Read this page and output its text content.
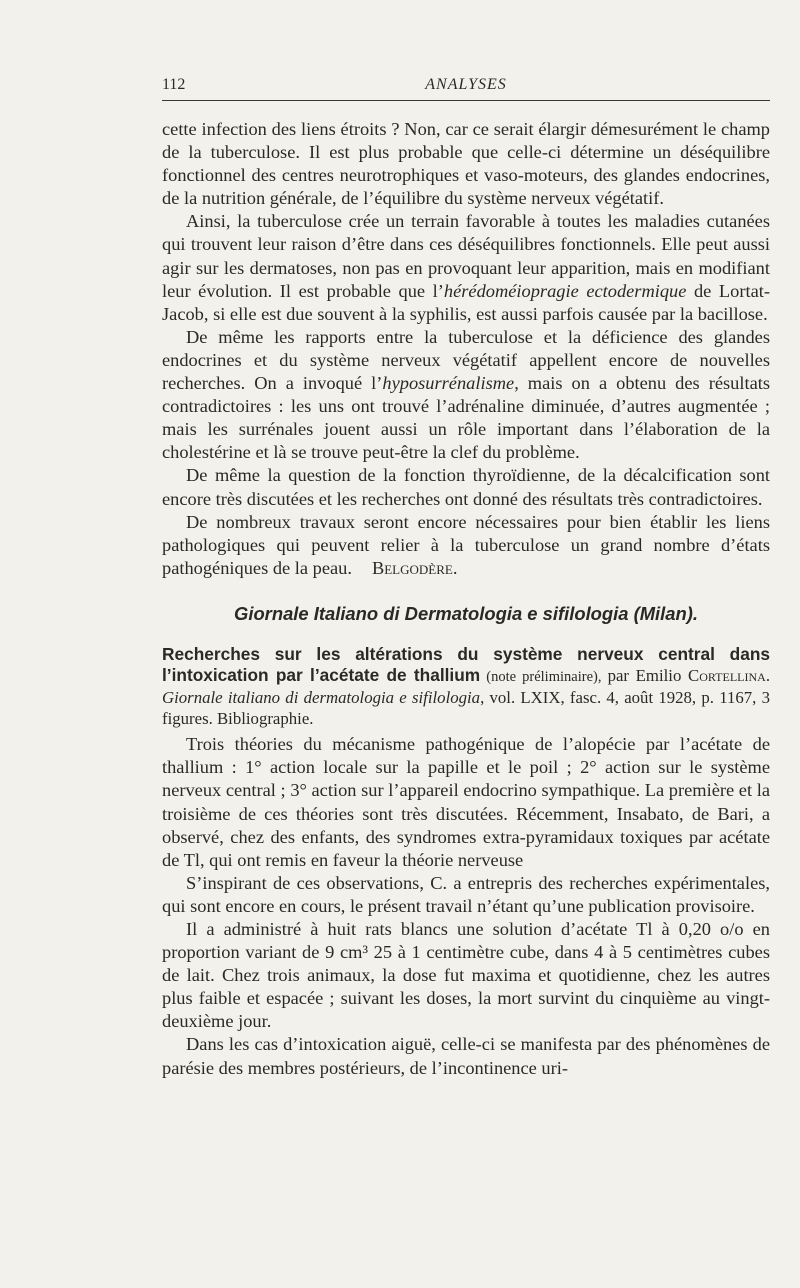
112	ANALYSES

cette infection des liens étroits ? Non, car ce serait élargir démesurément le champ de la tuberculose. Il est plus probable que celle-ci détermine un déséquilibre fonctionnel des centres neurotrophiques et vaso-moteurs, des glandes endocrines, de la nutrition générale, de l’équilibre du système nerveux végétatif.

Ainsi, la tuberculose crée un terrain favorable à toutes les maladies cutanées qui trouvent leur raison d’être dans ces déséquilibres fonctionnels. Elle peut aussi agir sur les dermatoses, non pas en provoquant leur apparition, mais en modifiant leur évolution. Il est probable que l’hérédoméiopragie ectodermique de Lortat-Jacob, si elle est due souvent à la syphilis, est aussi parfois causée par la bacillose.

De même les rapports entre la tuberculose et la déficience des glandes endocrines et du système nerveux végétatif appellent encore de nouvelles recherches. On a invoqué l’hyposurrénalisme, mais on a obtenu des résultats contradictoires : les uns ont trouvé l’adrénaline diminuée, d’autres augmentée ; mais les surrénales jouent aussi un rôle important dans l’élaboration de la cholestérine et là se trouve peut-être la clef du problème.

De même la question de la fonction thyroïdienne, de la décalcification sont encore très discutées et les recherches ont donné des résultats très contradictoires.

De nombreux travaux seront encore nécessaires pour bien établir les liens pathologiques qui peuvent relier à la tuberculose un grand nombre d’états pathogéniques de la peau. Belgodère.

Giornale Italiano di Dermatologia e sifilologia (Milan).

Recherches sur les altérations du système nerveux central dans l’intoxication par l’acétate de thallium (note préliminaire), par Emilio Cortellina. Giornale italiano di dermatologia e sifilologia, vol. LXIX, fasc. 4, août 1928, p. 1167, 3 figures. Bibliographie.

Trois théories du mécanisme pathogénique de l’alopécie par l’acétate de thallium : 1° action locale sur la papille et le poil ; 2° action sur le système nerveux central ; 3° action sur l’appareil endocrino sympathique. La première et la troisième de ces théories sont très discutées. Récemment, Insabato, de Bari, a observé, chez des enfants, des syndromes extra-pyramidaux toxiques par acétate de Tl, qui ont remis en faveur la théorie nerveuse

S’inspirant de ces observations, C. a entrepris des recherches expérimentales, qui sont encore en cours, le présent travail n’étant qu’une publication provisoire.

Il a administré à huit rats blancs une solution d’acétate Tl à 0,20 o/o en proportion variant de 9 cm³ 25 à 1 centimètre cube, dans 4 à 5 centimètres cubes de lait. Chez trois animaux, la dose fut maxima et quotidienne, chez les autres plus faible et espacée ; suivant les doses, la mort survint du cinquième au vingt-deuxième jour.

Dans les cas d’intoxication aiguë, celle-ci se manifesta par des phénomènes de parésie des membres postérieurs, de l’incontinence uri-
